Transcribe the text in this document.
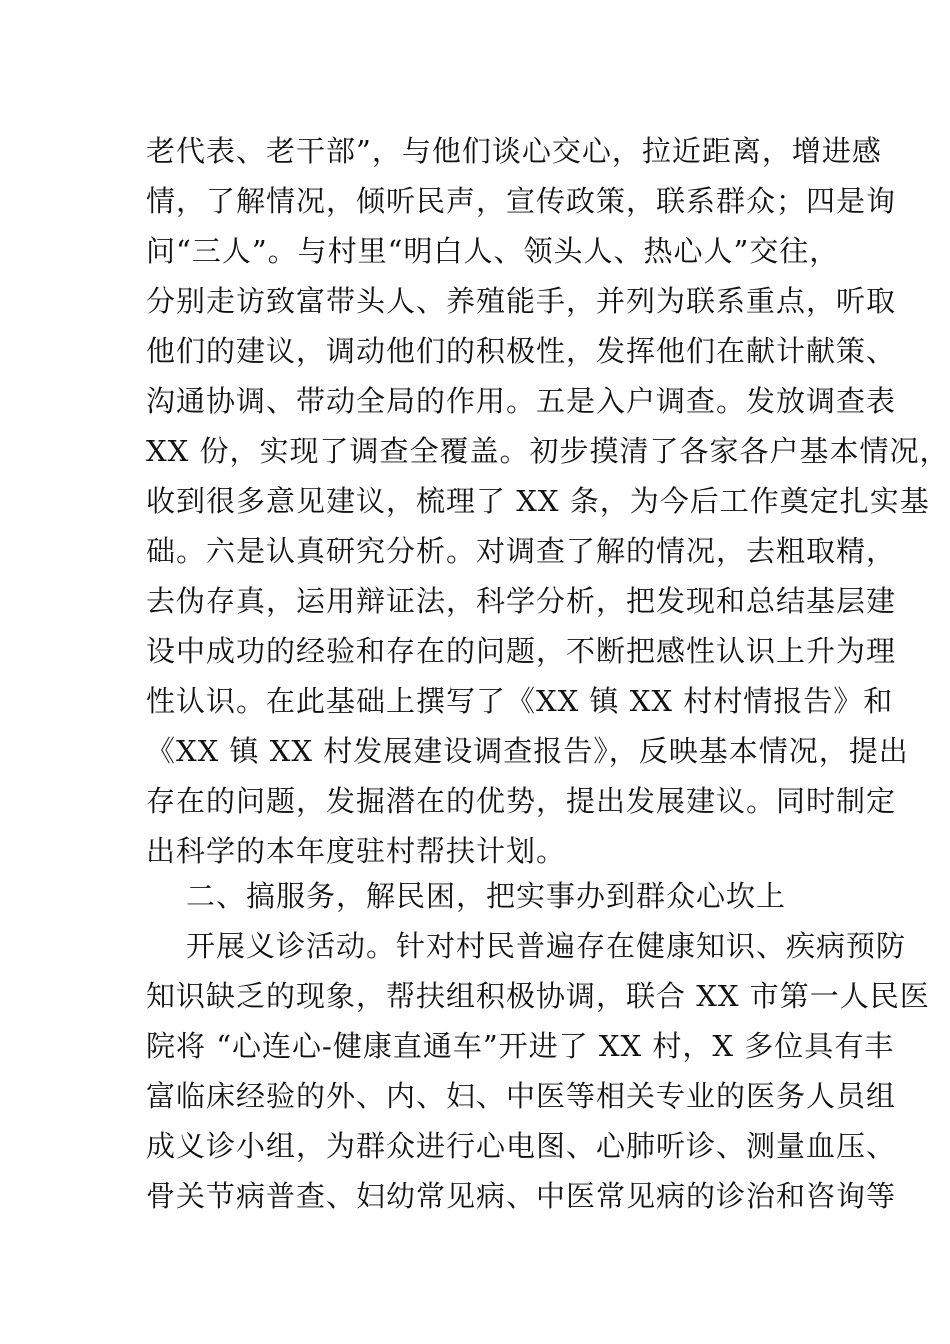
老代表、老干部”，与他们谈心交心，拉近距离，增进感
情，了解情况，倾听民声，宣传政策，联系群众；四是询
问“三人”。与村里“明白人、领头人、热心人”交往，
分别走访致富带头人、养殖能手，并列为联系重点，听取
他们的建议，调动他们的积极性，发挥他们在献计献策、
沟通协调、带动全局的作用。五是入户调查。发放调查表
XX 份，实现了调查全覆盖。初步摸清了各家各户基本情况，
收到很多意见建议，梳理了 XX 条，为今后工作奠定扎实基
础。六是认真研究分析。对调查了解的情况，去粗取精，
去伪存真，运用辩证法，科学分析，把发现和总结基层建
设中成功的经验和存在的问题，不断把感性认识上升为理
性认识。在此基础上撰写了《XX 镇 XX 村村情报告》和
《XX 镇 XX 村发展建设调查报告》，反映基本情况，提出
存在的问题，发掘潜在的优势，提出发展建议。同时制定
出科学的本年度驻村帮扶计划。
二、搞服务，解民困，把实事办到群众心坎上
开展义诊活动。针对村民普遍存在健康知识、疾病预防
知识缺乏的现象，帮扶组积极协调，联合 XX 市第一人民医
院将 “心连心-健康直通车”开进了 XX 村，X 多位具有丰
富临床经验的外、内、妇、中医等相关专业的医务人员组
成义诊小组，为群众进行心电图、心肺听诊、测量血压、
骨关节病普查、妇幼常见病、中医常见病的诊治和咨询等
